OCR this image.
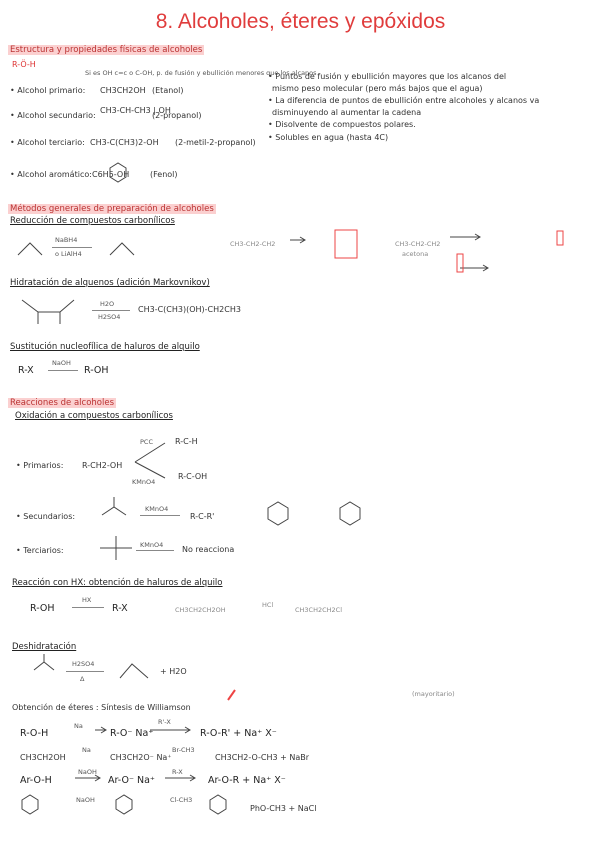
8. Alcoholes, éteres y epóxidos
Estructura y propiedades físicas de alcoholes
R-Ö-H
Si es OH c=c o C-OH, p. de fusión y ebullición menores que los alcanos
• Alcohol primario: CH3CH2OH (Etanol)
• Alcohol secundario:
CH3-CH-CH3 | OH
(2-propanol)
• Alcohol terciario: CH3-C(CH3)2-OH (2-metil-2-propanol)
• Alcohol aromático: C6H5-OH	(Fenol)
• Puntos de fusión y ebullición mayores que los alcanos del
mismo peso molecular (pero más bajos que el agua)
• La diferencia de puntos de ebullición entre alcoholes y alcanos va
disminuyendo al aumentar la cadena
• Disolvente de compuestos polares.
• Solubles en agua (hasta 4C)
Métodos generales de preparación de alcoholes
Reducción de compuestos carbonílicos
NaBH4
o LiAlH4
CH3-CH2-CH2	CH3-CH2-CH2
acetona
Hidratación de alquenos (adición Markovnikov)
H2O
H2SO4
CH3-C(CH3)(OH)-CH2CH3
Sustitución nucleofílica de haluros de alquilo
R-X
NaOH
R-OH
Reacciones de alcoholes
Oxidación a compuestos carbonílicos
• Primarios: R-CH2-OH
PCC	R-C-H
KMnO4
R-C-OH
• Secundarios:
KMnO4
R-C-R'
• Terciarios:
KMnO4 No reacciona
Reacción con HX: obtención de haluros de alquilo
R-OH
HX
R-X	CH3CH2CH2OH
HCl
CH3CH2CH2Cl
Deshidratación
H2SO4
Δ
+ H2O
(mayoritario)
Obtención de éteres : Síntesis de Williamson
R-O-H
Na
R-O⁻ Na⁺
R'-X
R-O-R' + Na⁺ X⁻
CH3CH2OH
Na
CH3CH2O⁻ Na⁺
Br-CH3
CH3CH2-O-CH3 + NaBr
Ar-O-H
NaOH
Ar-O⁻ Na⁺
R-X
Ar-O-R + Na⁺ X⁻
NaOH	Cl-CH3
PhO-CH3 + NaCl
